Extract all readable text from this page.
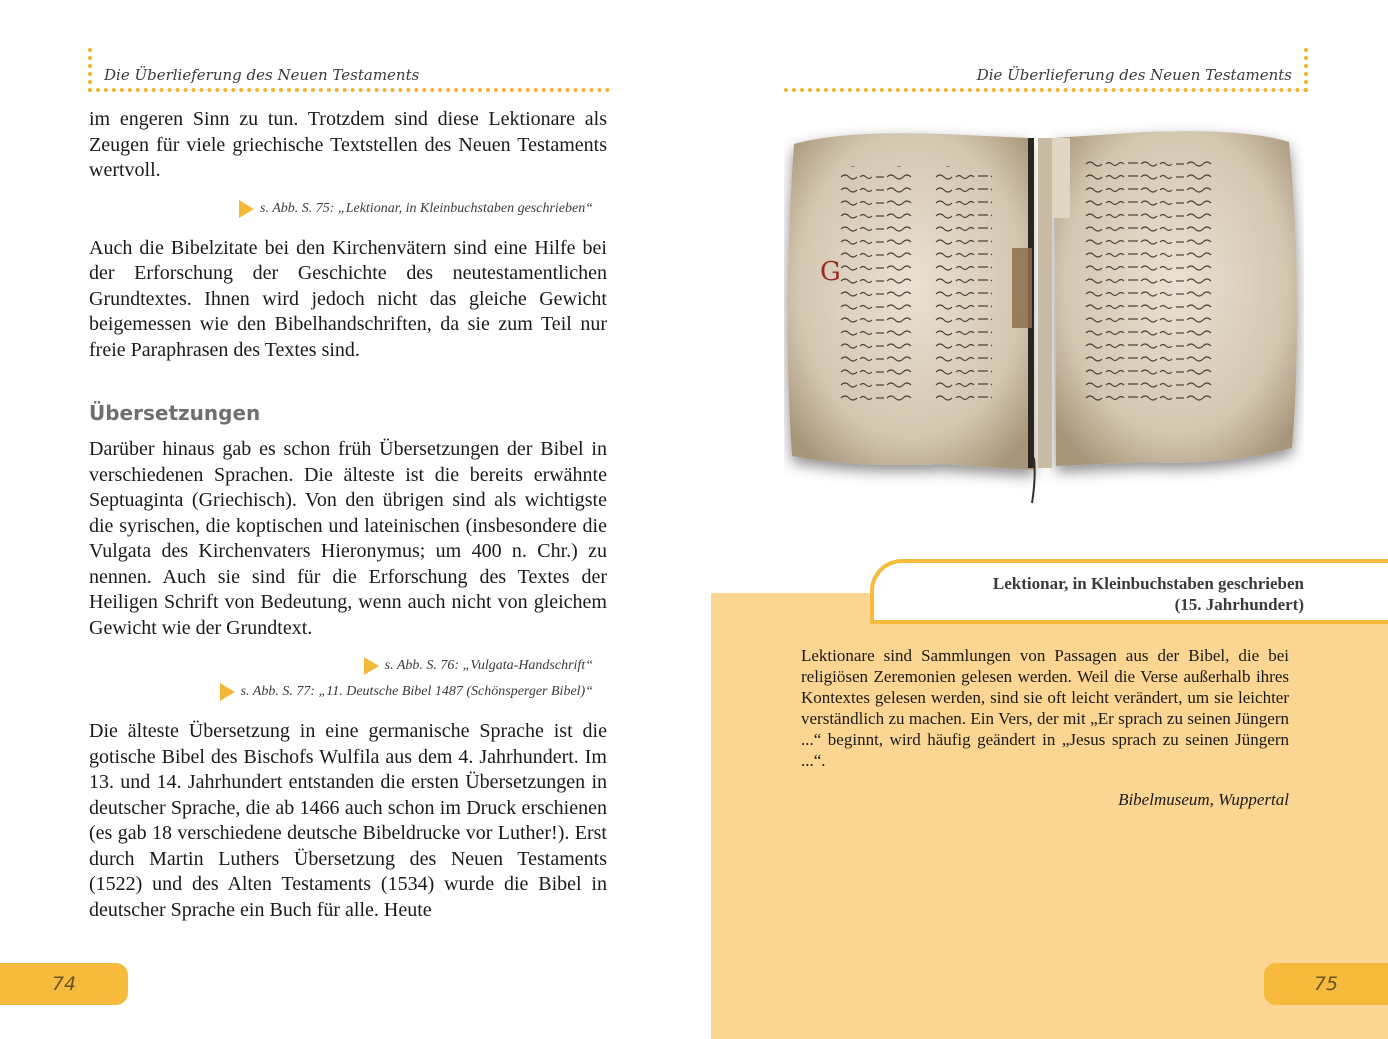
Die Überlieferung des Neuen Testaments

im engeren Sinn zu tun. Trotzdem sind diese Lektionare als Zeugen für viele griechische Textstellen des Neuen Testaments wertvoll.

s. Abb. S. 75: „Lektionar, in Kleinbuchstaben geschrieben“

Auch die Bibelzitate bei den Kirchenvätern sind eine Hilfe bei der Erforschung der Geschichte des neutestamentlichen Grundtextes. Ihnen wird jedoch nicht das gleiche Gewicht beigemessen wie den Bibelhandschriften, da sie zum Teil nur freie Paraphrasen des Textes sind.

Übersetzungen

Darüber hinaus gab es schon früh Übersetzungen der Bibel in verschiedenen Sprachen. Die älteste ist die bereits erwähnte Septuaginta (Griechisch). Von den übrigen sind als wichtigste die syrischen, die koptischen und lateinischen (insbesondere die Vulgata des Kirchenvaters Hieronymus; um 400 n. Chr.) zu nennen. Auch sie sind für die Erforschung des Textes der Heiligen Schrift von Bedeutung, wenn auch nicht von gleichem Gewicht wie der Grundtext.

s. Abb. S. 76: „Vulgata-Handschrift“
s. Abb. S. 77: „11. Deutsche Bibel 1487 (Schönsperger Bibel)“

Die älteste Übersetzung in eine germanische Sprache ist die gotische Bibel des Bischofs Wulfila aus dem 4. Jahrhundert. Im 13. und 14. Jahrhundert entstanden die ersten Übersetzungen in deutscher Sprache, die ab 1466 auch schon im Druck erschienen (es gab 18 verschiedene deutsche Bibeldrucke vor Luther!). Erst durch Martin Luthers Übersetzung des Neuen Testaments (1522) und des Alten Testaments (1534) wurde die Bibel in deutscher Sprache ein Buch für alle. Heute

74
Die Überlieferung des Neuen Testaments
G
Lektionar, in Kleinbuchstaben geschrieben
(15. Jahrhundert)

Lektionare sind Sammlungen von Passagen aus der Bibel, die bei religiösen Zeremonien gelesen werden. Weil die Verse außerhalb ihres Kontextes gelesen werden, sind sie oft leicht verändert, um sie leichter verständlich zu machen. Ein Vers, der mit „Er sprach zu seinen Jüngern ...“ beginnt, wird häufig geändert in „Jesus sprach zu seinen Jüngern ...“.

Bibelmuseum, Wuppertal
75
